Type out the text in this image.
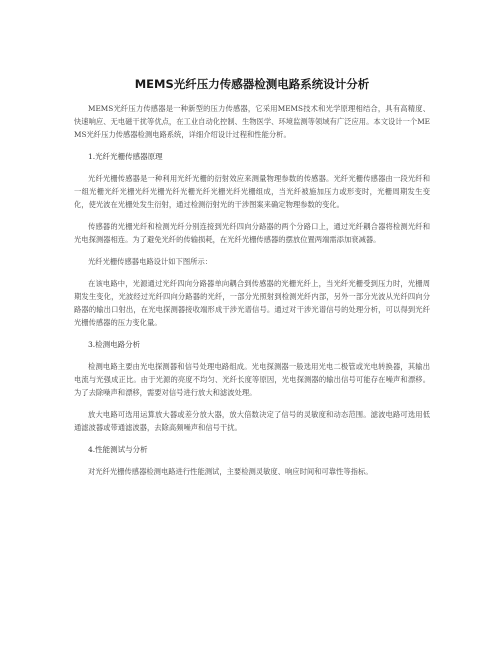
MEMS光纤压力传感器检测电路系统设计分析

MEMS光纤压力传感器是一种新型的压力传感器，它采用MEMS技术和光学原理相结合，具有高精度、快速响应、无电磁干扰等优点，在工业自动化控制、生物医学、环境监测等领域有广泛应用。本文设计一个MEMS光纤压力传感器检测电路系统，详细介绍设计过程和性能分析。

1.光纤光栅传感器原理

光纤光栅传感器是一种利用光纤光栅的衍射效应来测量物理参数的传感器。光纤光栅传感器由一段光纤和一组光栅光纤光栅光纤光栅光纤光栅光纤光栅光纤光栅组成，当光纤被施加压力或形变时，光栅周期发生变化，使光波在光栅处发生衍射，通过检测衍射光的干涉图案来确定物理参数的变化。

传感器的光栅光纤和检测光纤分别连接到光纤四向分路器的两个分路口上，通过光纤耦合器将检测光纤和光电探测器相连。为了避免光纤的传输损耗，在光纤光栅传感器的摆放位置两端需添加衰减器。

光纤光栅传感器电路设计如下图所示：

在该电路中，光源通过光纤四向分路器单向耦合到传感器的光栅光纤上，当光纤光栅受到压力时，光栅周期发生变化，光波经过光纤四向分路器的光纤，一部分光照射到检测光纤内部，另外一部分光波从光纤四向分路器的输出口射出，在光电探测器接收端形成干涉光谱信号。通过对干涉光谱信号的处理分析，可以得到光纤光栅传感器的压力变化量。

3.检测电路分析

检测电路主要由光电探测器和信号处理电路组成。光电探测器一般选用光电二极管或光电转换器，其输出电流与光强成正比。由于光源的亮度不均匀、光纤长度等原因，光电探测器的输出信号可能存在噪声和漂移。为了去除噪声和漂移，需要对信号进行放大和滤波处理。

放大电路可选用运算放大器或差分放大器，放大倍数决定了信号的灵敏度和动态范围。滤波电路可选用低通滤波器或带通滤波器，去除高频噪声和信号干扰。

4.性能测试与分析

对光纤光栅传感器检测电路进行性能测试，主要检测灵敏度、响应时间和可靠性等指标。
